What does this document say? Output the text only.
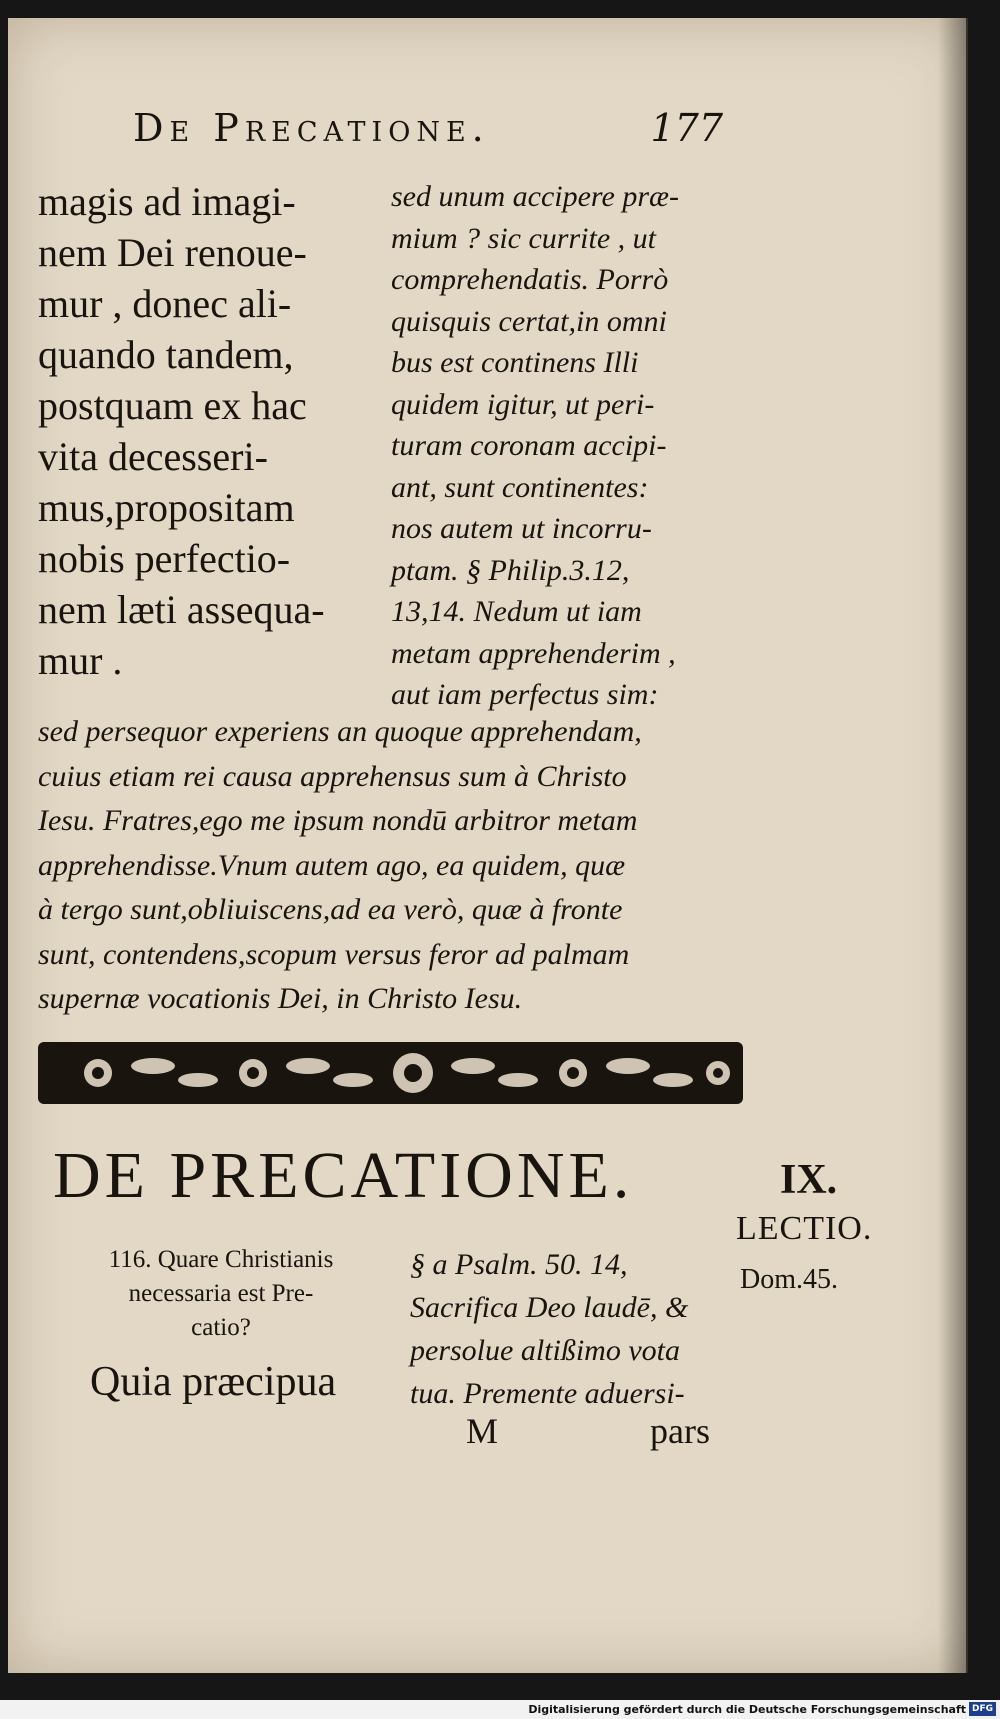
De Precatione.	177
magis ad imagi-
nem Dei renoue-
mur , donec ali-
quando tandem,
postquam ex hac
vita decesseri-
mus,propositam
nobis perfectio-
nem læti assequa-
mur .
sed unum accipere præ-
mium ? sic currite , ut
comprehendatis. Porrò
quisquis certat,in omni
bus est continens Illi
quidem igitur, ut peri-
turam coronam accipi-
ant, sunt continentes:
nos autem ut incorru-
ptam. § Philip.3.12,
13,14. Nedum ut iam
metam apprehenderim ,
aut iam perfectus sim:
sed persequor experiens an quoque apprehendam,
cuius etiam rei causa apprehensus sum à Christo
Iesu. Fratres,ego me ipsum nondū arbitror metam
apprehendisse.Vnum autem ago, ea quidem, quæ
à tergo sunt,obliuiscens,ad ea verò, quæ à fronte
sunt, contendens,scopum versus feror ad palmam
supernæ vocationis Dei, in Christo Iesu.
DE PRECATIONE.	IX.
LECTIO.
Dom.45.
116. Quare Christianis
necessaria est Pre-
catio?
Quia præcipua
§ a Psalm. 50. 14,
Sacrifica Deo laudē, &
persolue altißimo vota
tua. Premente aduersi-
M	pars
Digitalisierung gefördert durch die Deutsche Forschungsgemeinschaft DFG
